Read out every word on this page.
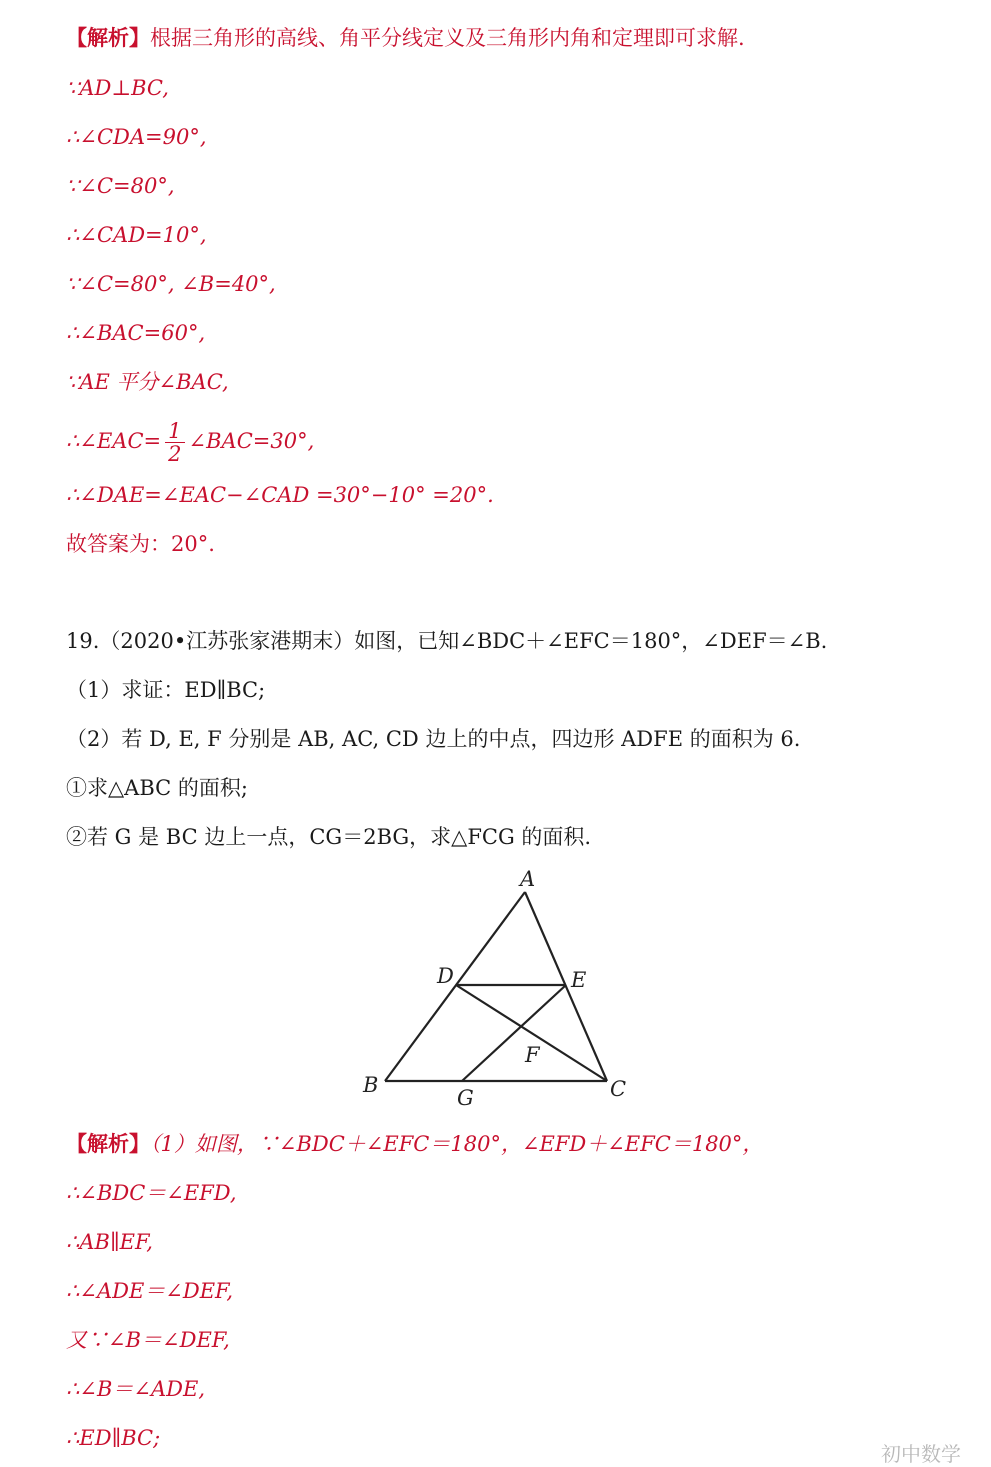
【解析】根据三角形的高线、角平分线定义及三角形内角和定理即可求解.
∵AD⊥BC,
∴∠CDA=90°,
∵∠C=80°,
∴∠CAD=10°,
∵∠C=80°, ∠B=40°,
∴∠BAC=60°,
∵AE 平分∠BAC,
∴∠EAC= $\frac{1}{2}$ ∠BAC=30°,
∴∠DAE=∠EAC−∠CAD =30°−10° =20°.
故答案为：20°.
19.（2020•江苏张家港期末）如图，已知∠BDC＋∠EFC＝180°，∠DEF＝∠B.
（1）求证：ED∥BC;
（2）若 D, E, F 分别是 AB, AC, CD 边上的中点，四边形 ADFE 的面积为 6.
①求△ABC 的面积;
②若 G 是 BC 边上一点，CG＝2BG，求△FCG 的面积.
A
B	C
D	E
F
G
【解析】（1）如图，∵∠BDC＋∠EFC＝180°，∠EFD＋∠EFC＝180°，
∴∠BDC＝∠EFD,
∴AB∥EF,
∴∠ADE＝∠DEF,
又∵∠B＝∠DEF,
∴∠B＝∠ADE,
∴ED∥BC;
初中数学
